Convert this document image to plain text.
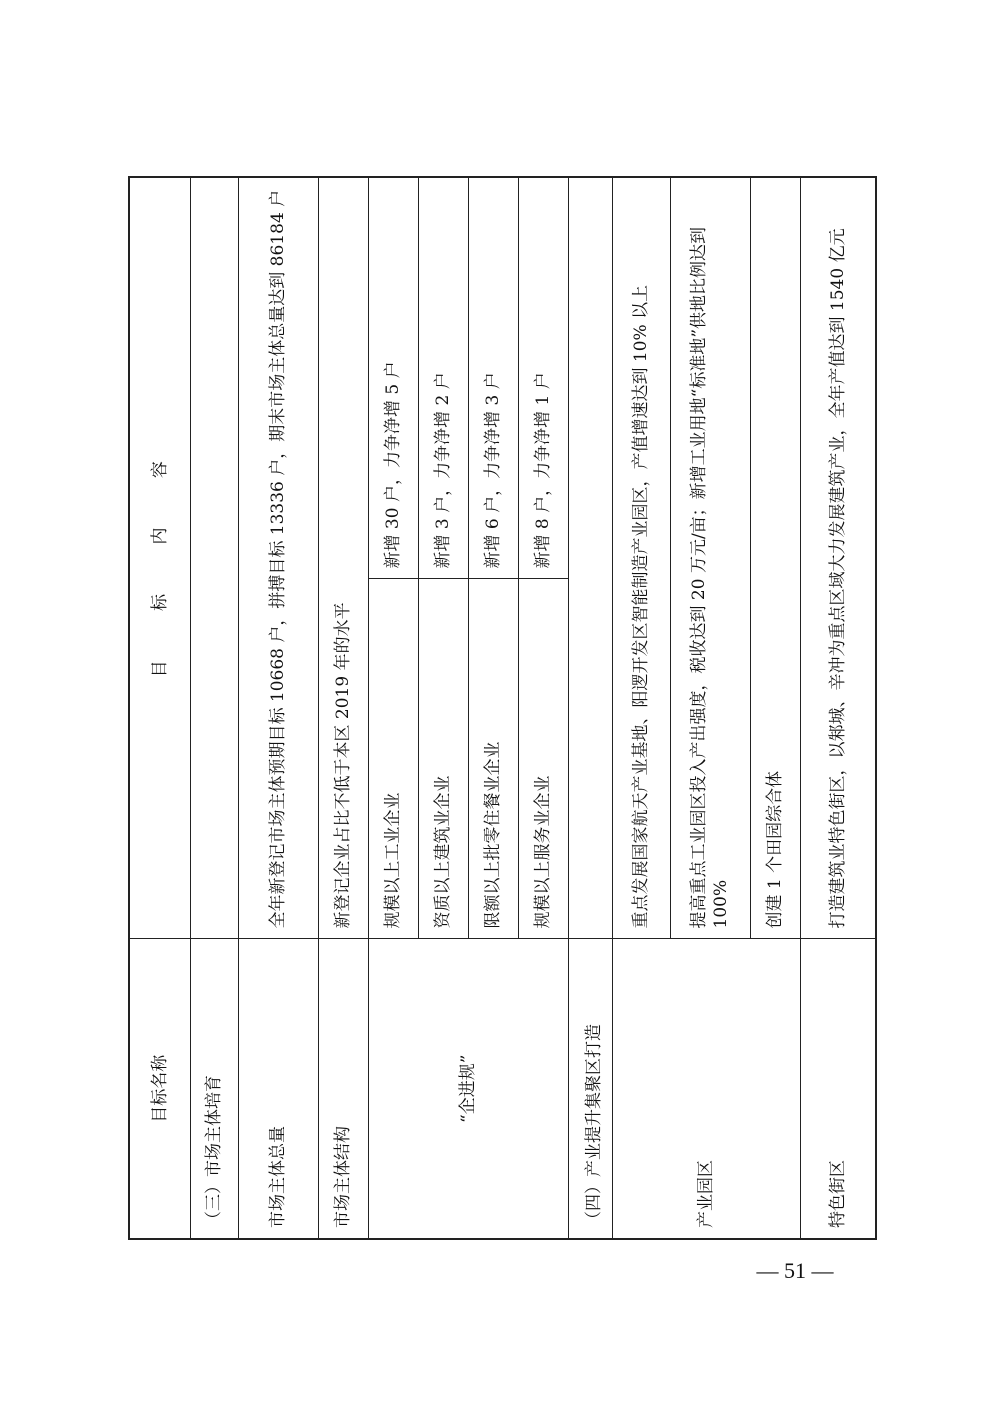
目标名称	目 标 内 容	
（三）市场主体培育		
市场主体总量	全年新登记市场主体预期目标 10668 户，拼搏目标 13336 户，期末市场主体总量达到 86184 户	
市场主体结构	新登记企业占比不低于本区 2019 年的水平	
“企进规”	规模以上工业企业	新增 30 户，力争净增 5 户
	资质以上建筑业企业	新增 3 户，力争净增 2 户
	限额以上批零住餐业企业	新增 6 户，力争净增 3 户
	规模以上服务业企业	新增 8 户，力争净增 1 户
（四）产业提升集聚区打造		
产业园区	重点发展国家航天产业基地、阳逻开发区智能制造产业园区，产值增速达到 10% 以上	
	提高重点工业园区投入产出强度，税收达到 20 万元/亩；新增工业用地“标准地”供地比例达到 100%	
	创建 1 个田园综合体	
特色街区	打造建筑业特色街区，以邾城、辛冲为重点区域大力发展建筑产业，全年产值达到 1540 亿元	
— 51 —
